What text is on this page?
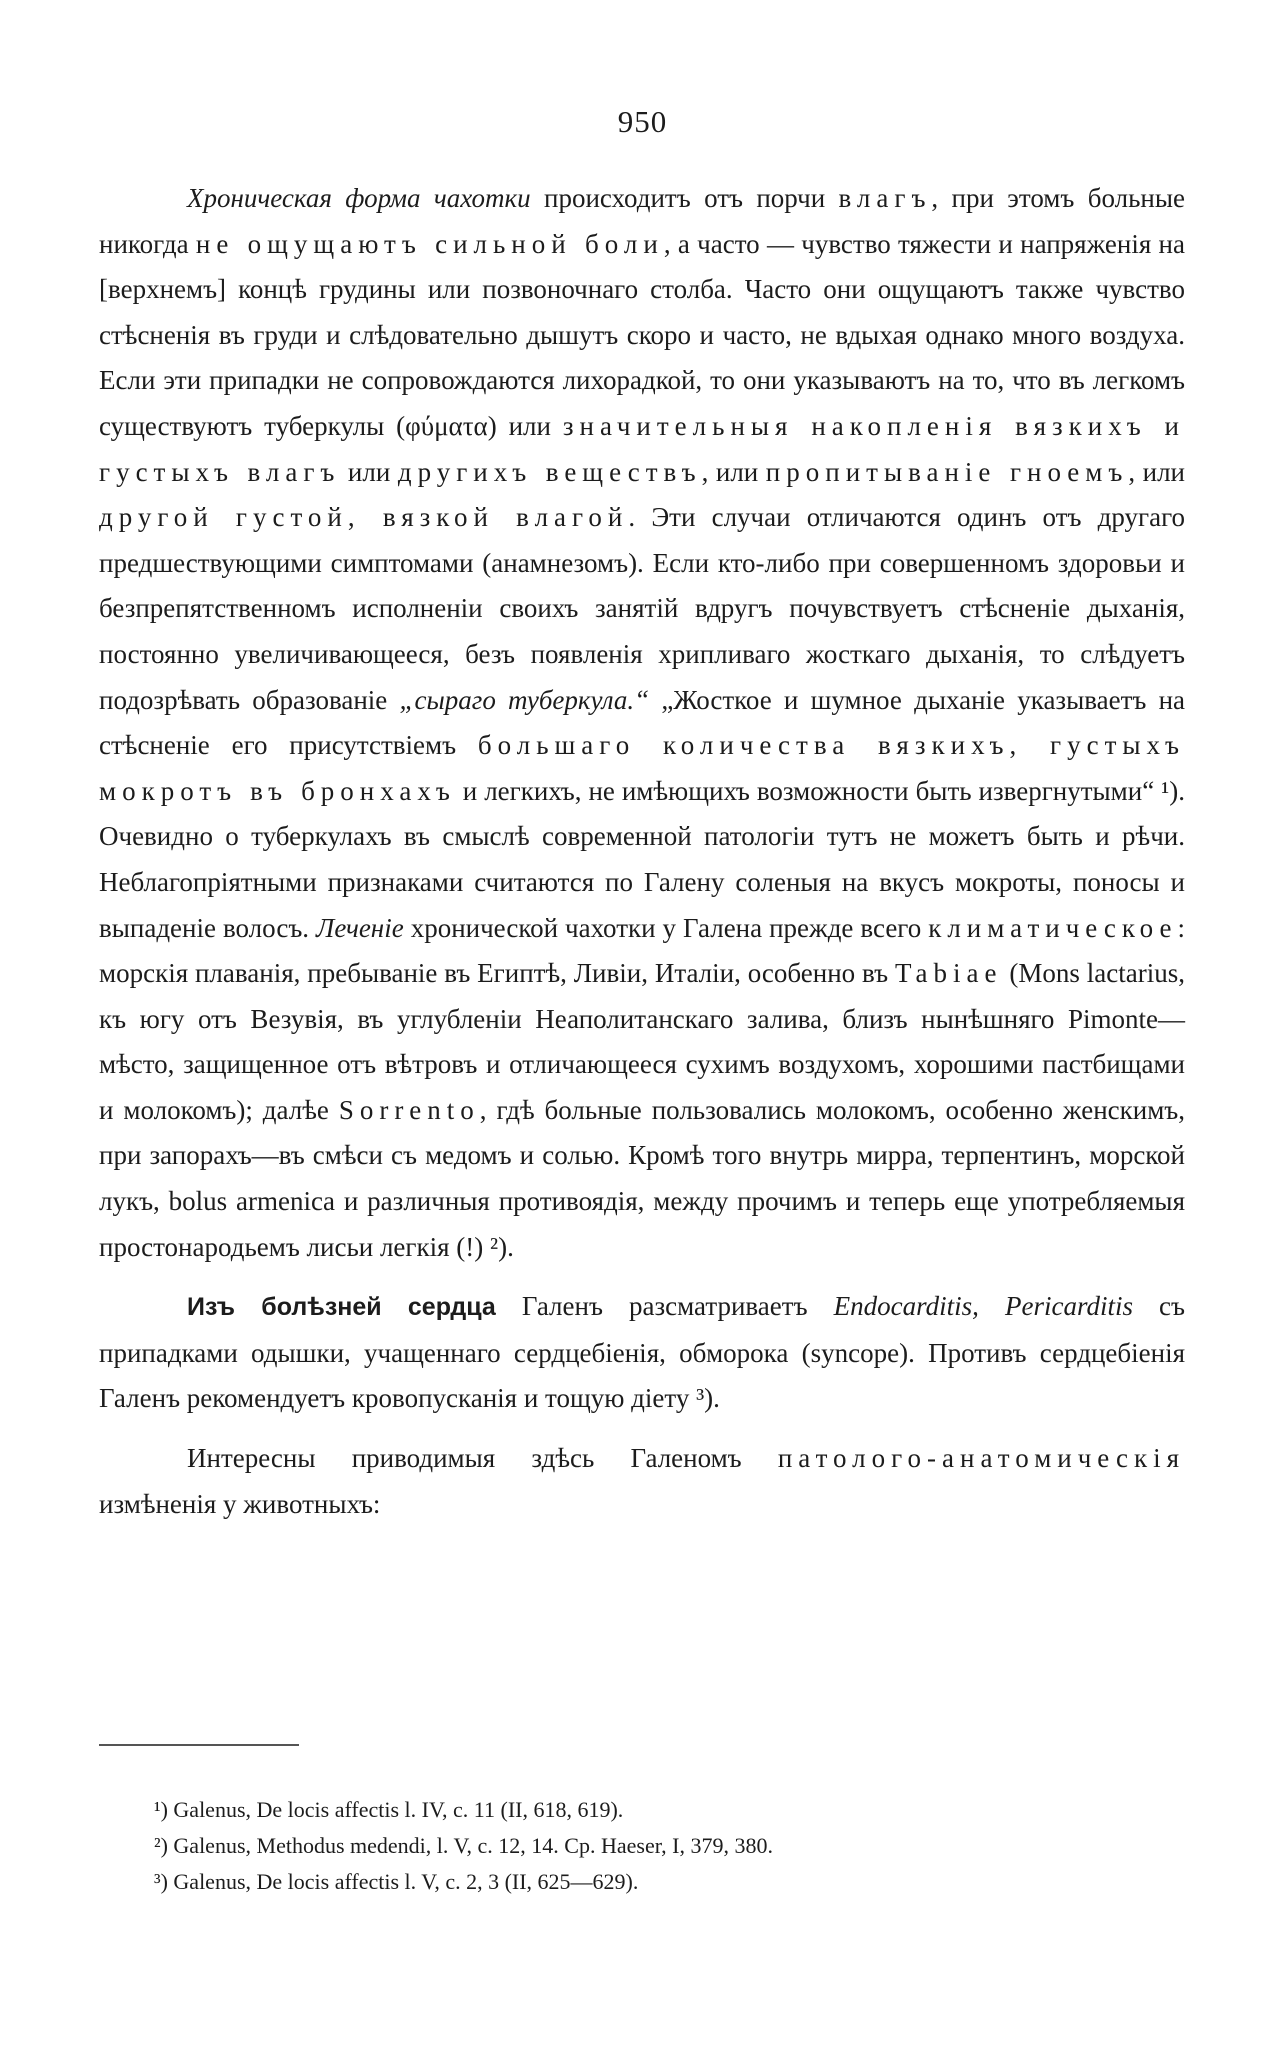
950

Хроническая форма чахотки происходитъ отъ порчи влагъ, при этомъ больные никогда не ощущаютъ сильной боли, а часто — чувство тяжести и напряженія на [верхнемъ] концѣ грудины или позвоночнаго столба. Часто они ощущаютъ также чувство стѣсненія въ груди и слѣдовательно дышутъ скоро и часто, не вдыхая однако много воздуха. Если эти припадки не сопровождаются лихорадкой, то они указываютъ на то, что въ легкомъ существуютъ туберкулы (φύματα) или значительныя накопленія вязкихъ и густыхъ влагъ или другихъ веществъ, или пропитываніе гноемъ, или другой густой, вязкой влагой. Эти случаи отличаются одинъ отъ другаго предшествующими симптомами (анамнезомъ). Если кто-либо при совершенномъ здоровьи и безпрепятственномъ исполненіи своихъ занятій вдругъ почувствуетъ стѣсненіе дыханія, постоянно увеличивающееся, безъ появленія хрипливаго жосткаго дыханія, то слѣдуетъ подозрѣвать образованіе „сыраго туберкула.“ „Жосткое и шумное дыханіе указываетъ на стѣсненіе его присутствіемъ большаго количества вязкихъ, густыхъ мокротъ въ бронхахъ и легкихъ, не имѣющихъ возможности быть извергнутыми“ ¹). Очевидно о туберкулахъ въ смыслѣ современной патологіи тутъ не можетъ быть и рѣчи. Неблагопріятными признаками считаются по Галену соленыя на вкусъ мокроты, поносы и выпаденіе волосъ. Леченіе хронической чахотки у Галена прежде всего климатическое: морскія плаванія, пребываніе въ Египтѣ, Ливіи, Италіи, особенно въ Tabiae (Mons lactarius, къ югу отъ Везувія, въ углубленіи Неаполитанскаго залива, близъ нынѣшняго Pimonte—мѣсто, защищенное отъ вѣтровъ и отличающееся сухимъ воздухомъ, хорошими пастбищами и молокомъ); далѣе Sorrento, гдѣ больные пользовались молокомъ, особенно женскимъ, при запорахъ—въ смѣси съ медомъ и солью. Кромѣ того внутрь мирра, терпентинъ, морской лукъ, bolus armenica и различныя противоядія, между прочимъ и теперь еще употребляемыя простонародьемъ лисьи легкія (!) ²).

Изъ болѣзней сердца Галенъ разсматриваетъ Endocarditis, Pericarditis съ припадками одышки, учащеннаго сердцебіенія, обморока (syncope). Противъ сердцебіенія Галенъ рекомендуетъ кровопусканія и тощую діету ³).

Интересны приводимыя здѣсь Галеномъ патолого-анатомическія измѣненія у животныхъ:

¹) Galenus, De locis affectis l. IV, c. 11 (II, 618, 619).

²) Galenus, Methodus medendi, l. V, c. 12, 14. Cp. Haeser, I, 379, 380.

³) Galenus, De locis affectis l. V, c. 2, 3 (II, 625—629).
